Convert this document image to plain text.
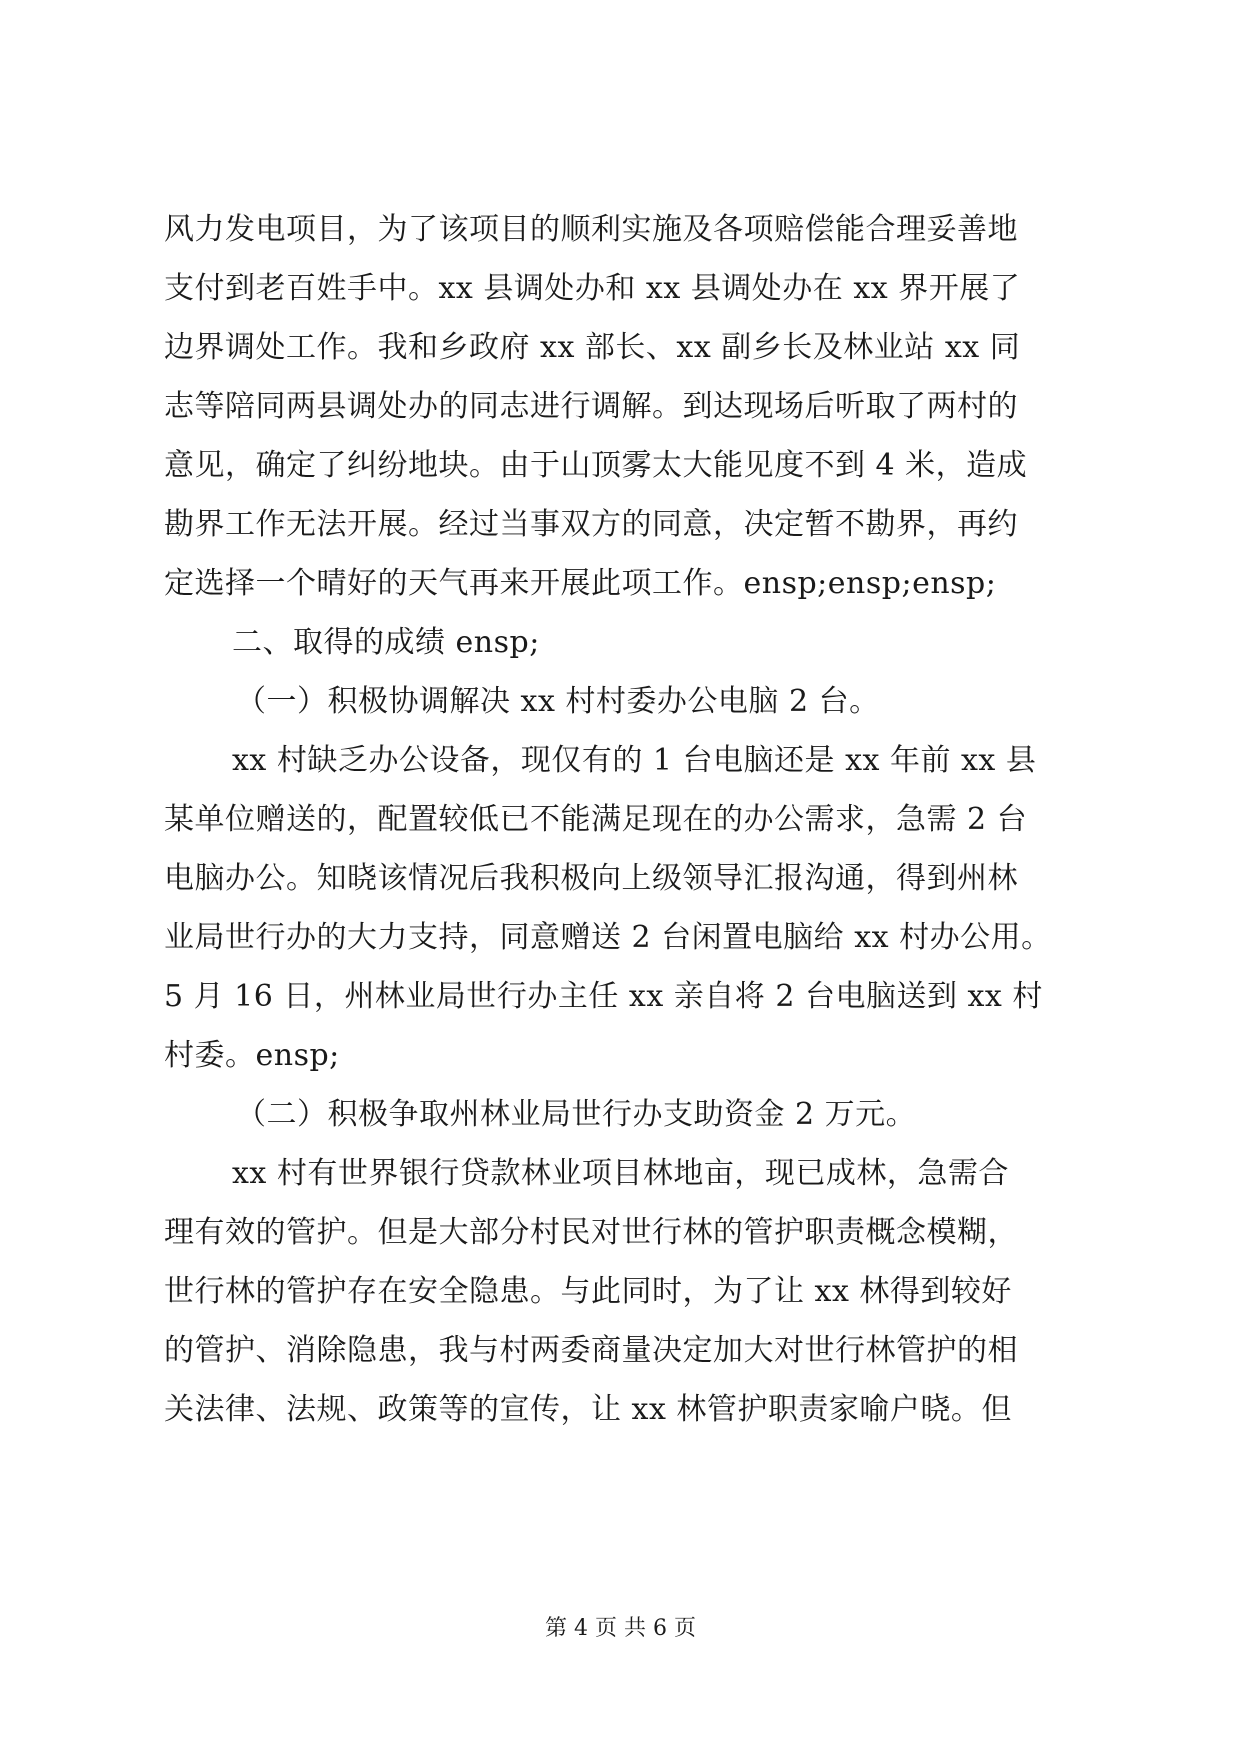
风力发电项目，为了该项目的顺利实施及各项赔偿能合理妥善地
支付到老百姓手中。xx 县调处办和 xx 县调处办在 xx 界开展了
边界调处工作。我和乡政府 xx 部长、xx 副乡长及林业站 xx 同
志等陪同两县调处办的同志进行调解。到达现场后听取了两村的
意见，确定了纠纷地块。由于山顶雾太大能见度不到 4 米，造成
勘界工作无法开展。经过当事双方的同意，决定暂不勘界，再约
定选择一个晴好的天气再来开展此项工作。ensp;ensp;ensp;
二、取得的成绩 ensp;
（一）积极协调解决 xx 村村委办公电脑 2 台。
xx 村缺乏办公设备，现仅有的 1 台电脑还是 xx 年前 xx 县
某单位赠送的，配置较低已不能满足现在的办公需求，急需 2 台
电脑办公。知晓该情况后我积极向上级领导汇报沟通，得到州林
业局世行办的大力支持，同意赠送 2 台闲置电脑给 xx 村办公用。
5 月 16 日，州林业局世行办主任 xx 亲自将 2 台电脑送到 xx 村
村委。ensp;
（二）积极争取州林业局世行办支助资金 2 万元。
xx 村有世界银行贷款林业项目林地亩，现已成林，急需合
理有效的管护。但是大部分村民对世行林的管护职责概念模糊，
世行林的管护存在安全隐患。与此同时，为了让 xx 林得到较好
的管护、消除隐患，我与村两委商量决定加大对世行林管护的相
关法律、法规、政策等的宣传，让 xx 林管护职责家喻户晓。但
第 4 页 共 6 页
